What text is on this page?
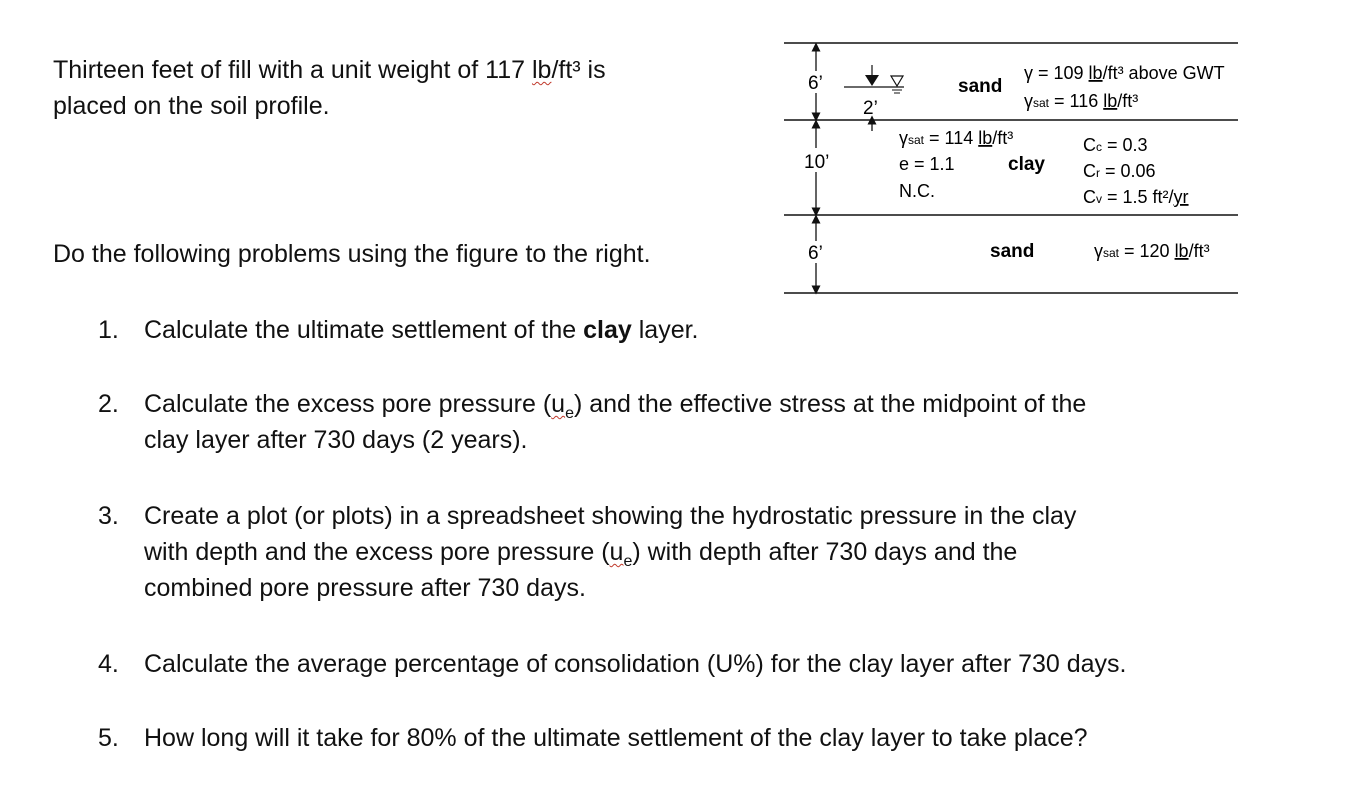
Thirteen feet of fill with a unit weight of 117 lb/ft³ is
placed on the soil profile.
Do the following problems using the figure to the right.
6’
10’
6’
2’
sand
γ = 109 lb/ft³ above GWT
γsat = 116 lb/ft³
γsat = 114 lb/ft³
e = 1.1	clay
N.C.
Cc = 0.3
Cr = 0.06
Cv = 1.5 ft²/yr
sand	γsat = 120 lb/ft³
1.	Calculate the ultimate settlement of the clay layer.
2.	Calculate the excess pore pressure $(u_e)$ and the effective stress at the midpoint of the
clay layer after 730 days (2 years).
3.	Create a plot (or plots) in a spreadsheet showing the hydrostatic pressure in the clay
with depth and the excess pore pressure $(u_e)$ with depth after 730 days and the
combined pore pressure after 730 days.
4.	Calculate the average percentage of consolidation (U%) for the clay layer after 730 days.
5.	How long will it take for 80% of the ultimate settlement of the clay layer to take place?
